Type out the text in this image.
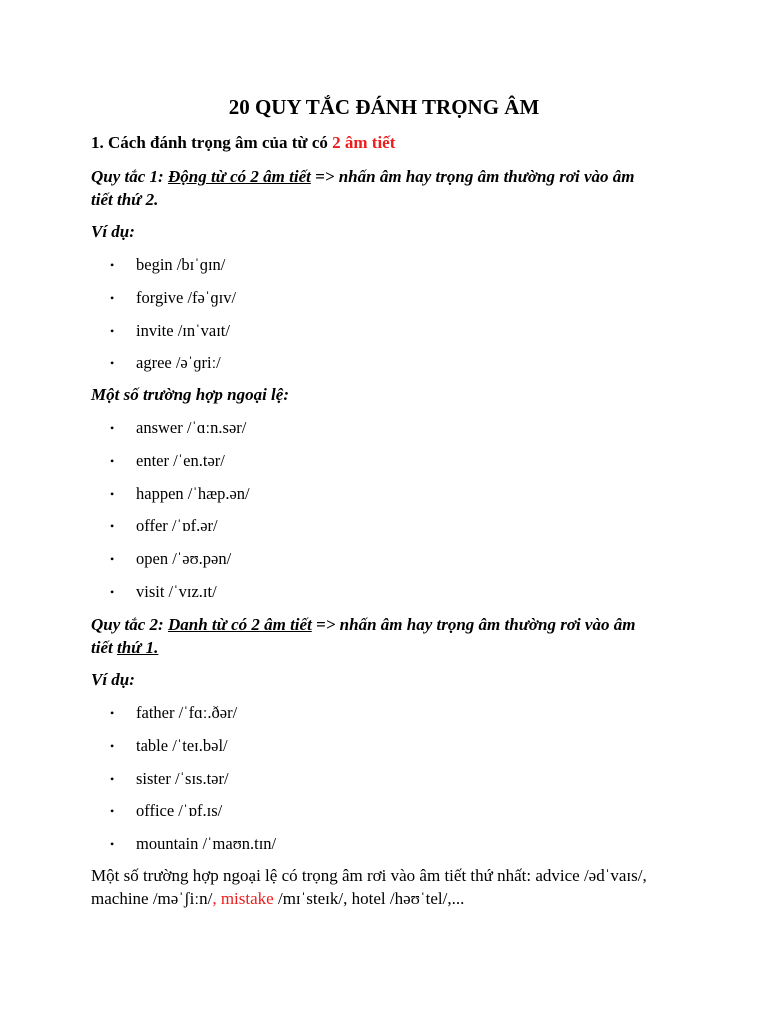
20 QUY TẮC ĐÁNH TRỌNG ÂM
1. Cách đánh trọng âm của từ có 2 âm tiết
Quy tắc 1: Động từ có 2 âm tiết => nhấn âm hay trọng âm thường rơi vào âm
tiết thứ 2.
Ví dụ:
• begin /bɪˈɡɪn/
• forgive /fəˈɡɪv/
• invite /ɪnˈvaɪt/
• agree /əˈɡriː/
Một số trường hợp ngoại lệ:
• answer /ˈɑːn.sər/
• enter /ˈen.tər/
• happen /ˈhæp.ən/
• offer /ˈɒf.ər/
• open /ˈəʊ.pən/
• visit /ˈvɪz.ɪt/
Quy tắc 2: Danh từ có 2 âm tiết => nhấn âm hay trọng âm thường rơi vào âm
tiết thứ 1.
Ví dụ:
• father /ˈfɑː.ðər/
• table /ˈteɪ.bəl/
• sister /ˈsɪs.tər/
• office /ˈɒf.ɪs/
• mountain /ˈmaʊn.tɪn/
Một số trường hợp ngoại lệ có trọng âm rơi vào âm tiết thứ nhất: advice /ədˈvaɪs/,
machine /məˈʃiːn/, mistake /mɪˈsteɪk/, hotel /həʊˈtel/,...
